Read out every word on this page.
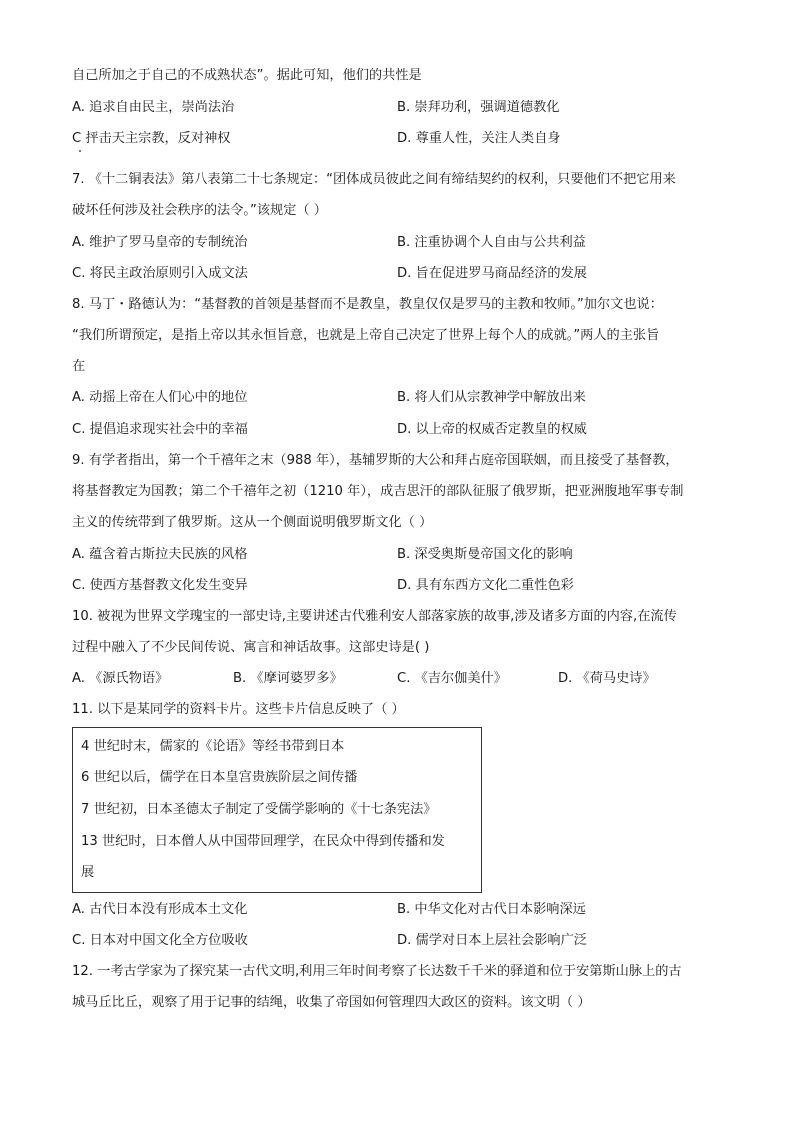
自己所加之于自己的不成熟状态”。据此可知，他们的共性是
A. 追求自由民主，崇尚法治	B. 崇拜功利，强调道德教化
C 抨击天主宗教，反对神权	D. 尊重人性，关注人类自身
7. 《十二铜表法》第八表第二十七条规定：“团体成员彼此之间有缔结契约的权利，只要他们不把它用来
破坏任何涉及社会秩序的法令。”该规定（ ）
A. 维护了罗马皇帝的专制统治	B. 注重协调个人自由与公共利益
C. 将民主政治原则引入成文法	D. 旨在促进罗马商品经济的发展
8. 马丁・路德认为：“基督教的首领是基督而不是教皇，教皇仅仅是罗马的主教和牧师。”加尔文也说：
“我们所谓预定，是指上帝以其永恒旨意，也就是上帝自己决定了世界上每个人的成就。”两人的主张旨
在
A. 动摇上帝在人们心中的地位	B. 将人们从宗教神学中解放出来
C. 提倡追求现实社会中的幸福	D. 以上帝的权威否定教皇的权威
9. 有学者指出，第一个千禧年之末（988 年），基辅罗斯的大公和拜占庭帝国联姻，而且接受了基督教，
将基督教定为国教；第二个千禧年之初（1210 年），成吉思汗的部队征服了俄罗斯，把亚洲腹地军事专制
主义的传统带到了俄罗斯。这从一个侧面说明俄罗斯文化（ ）
A. 蕴含着古斯拉夫民族的风格	B. 深受奥斯曼帝国文化的影响
C. 使西方基督教文化发生变异	D. 具有东西方文化二重性色彩
10. 被视为世界文学瑰宝的一部史诗,主要讲述古代雅利安人部落家族的故事,涉及诸多方面的内容,在流传
过程中融入了不少民间传说、寓言和神话故事。这部史诗是( )
A. 《源氏物语》	B. 《摩诃婆罗多》	C. 《吉尔伽美什》	D. 《荷马史诗》
11. 以下是某同学的资料卡片。这些卡片信息反映了（ ）
4 世纪时末，儒家的《论语》等经书带到日本
6 世纪以后，儒学在日本皇宫贵族阶层之间传播
7 世纪初，日本圣德太子制定了受儒学影响的《十七条宪法》
13 世纪时，日本僧人从中国带回理学，在民众中得到传播和发
展
A. 古代日本没有形成本土文化	B. 中华文化对古代日本影响深远
C. 日本对中国文化全方位吸收	D. 儒学对日本上层社会影响广泛
12. 一考古学家为了探究某一古代文明,利用三年时间考察了长达数千千米的驿道和位于安第斯山脉上的古
城马丘比丘，观察了用于记事的结绳，收集了帝国如何管理四大政区的资料。该文明（ ）
